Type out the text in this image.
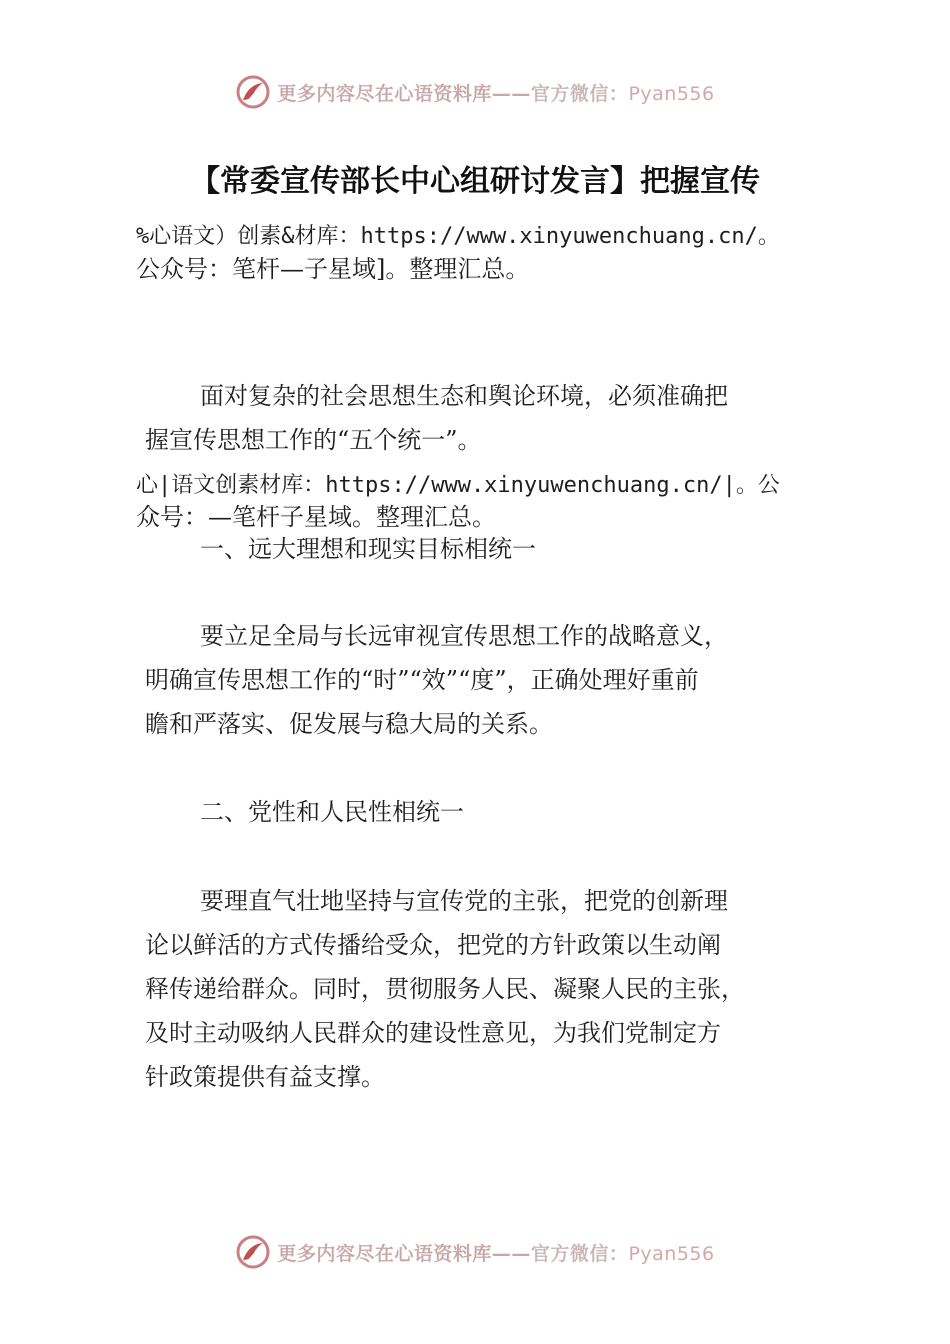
更多内容尽在心语资料库——官方微信：Pyan556
【常委宣传部长中心组研讨发言】把握宣传
%心语文）创素&材库：https://www.xinyuwenchuang.cn/。
公众号：笔杆—子星域]。整理汇总。
面对复杂的社会思想生态和舆论环境，必须准确把
握宣传思想工作的“五个统一”。
心|语文创素材库：https://www.xinyuwenchuang.cn/|。公
众号：—笔杆子星域。整理汇总。
一、远大理想和现实目标相统一
要立足全局与长远审视宣传思想工作的战略意义，
明确宣传思想工作的“时”“效”“度”，正确处理好重前
瞻和严落实、促发展与稳大局的关系。
二、党性和人民性相统一
要理直气壮地坚持与宣传党的主张，把党的创新理
论以鲜活的方式传播给受众，把党的方针政策以生动阐
释传递给群众。同时，贯彻服务人民、凝聚人民的主张，
及时主动吸纳人民群众的建设性意见，为我们党制定方
针政策提供有益支撑。
更多内容尽在心语资料库——官方微信：Pyan556
